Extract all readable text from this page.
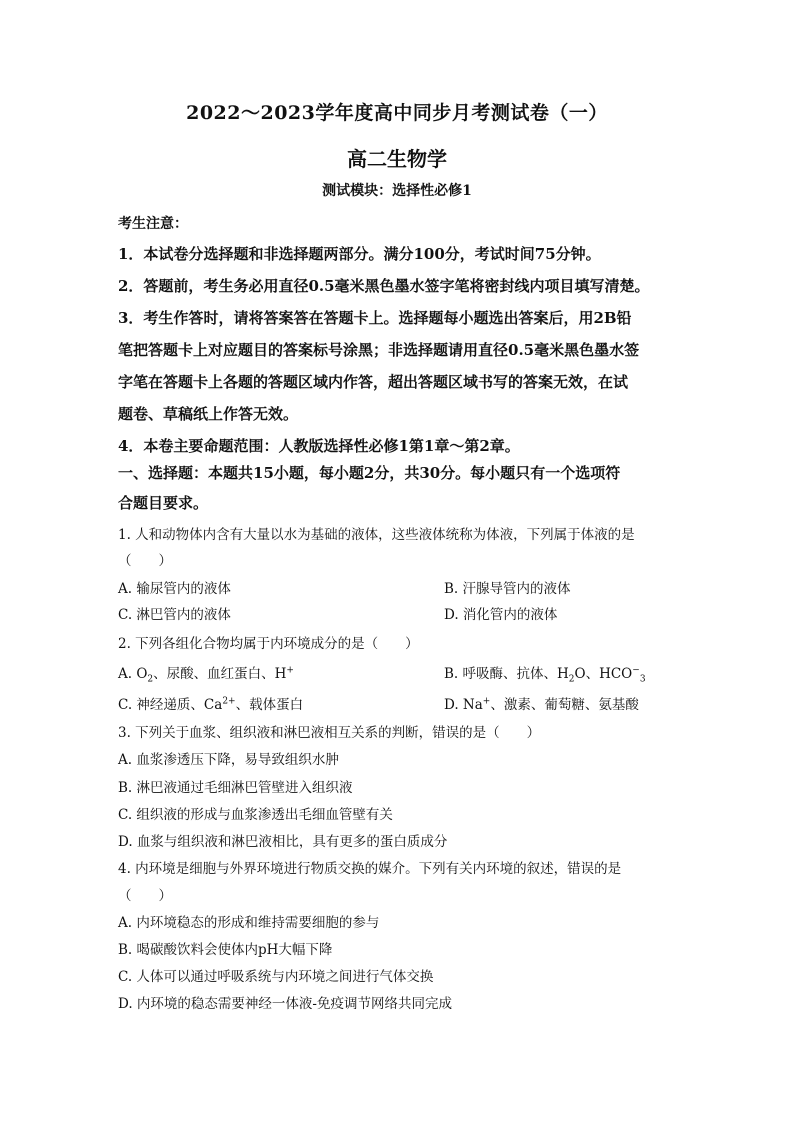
2022～2023学年度高中同步月考测试卷（一）
高二生物学
测试模块：选择性必修1
考生注意：
1．本试卷分选择题和非选择题两部分。满分100分，考试时间75分钟。
2．答题前，考生务必用直径0.5毫米黑色墨水签字笔将密封线内项目填写清楚。
3．考生作答时，请将答案答在答题卡上。选择题每小题选出答案后，用2B铅
笔把答题卡上对应题目的答案标号涂黑；非选择题请用直径0.5毫米黑色墨水签
字笔在答题卡上各题的答题区域内作答，超出答题区域书写的答案无效，在试
题卷、草稿纸上作答无效。
4．本卷主要命题范围：人教版选择性必修1第1章～第2章。
一、选择题：本题共15小题，每小题2分，共30分。每小题只有一个选项符
合题目要求。
1. 人和动物体内含有大量以水为基础的液体，这些液体统称为体液，下列属于体液的是
（　　）
A. 输尿管内的液体	B. 汗腺导管内的液体
C. 淋巴管内的液体	D. 消化管内的液体
2. 下列各组化合物均属于内环境成分的是（　　）
A. $O_2$、尿酸、血红蛋白、H+	B. 呼吸酶、抗体、$H_2O$、$HCO^-_3$
C. 神经递质、$Ca^{2+}$、载体蛋白	D. Na+、激素、葡萄糖、氨基酸
3. 下列关于血浆、组织液和淋巴液相互关系的判断，错误的是（　　）
A. 血浆渗透压下降，易导致组织水肿
B. 淋巴液通过毛细淋巴管壁进入组织液
C. 组织液的形成与血浆渗透出毛细血管壁有关
D. 血浆与组织液和淋巴液相比，具有更多的蛋白质成分
4. 内环境是细胞与外界环境进行物质交换的媒介。下列有关内环境的叙述，错误的是
（　　）
A. 内环境稳态的形成和维持需要细胞的参与
B. 喝碳酸饮料会使体内pH大幅下降
C. 人体可以通过呼吸系统与内环境之间进行气体交换
D. 内环境的稳态需要神经一体液-免疫调节网络共同完成
